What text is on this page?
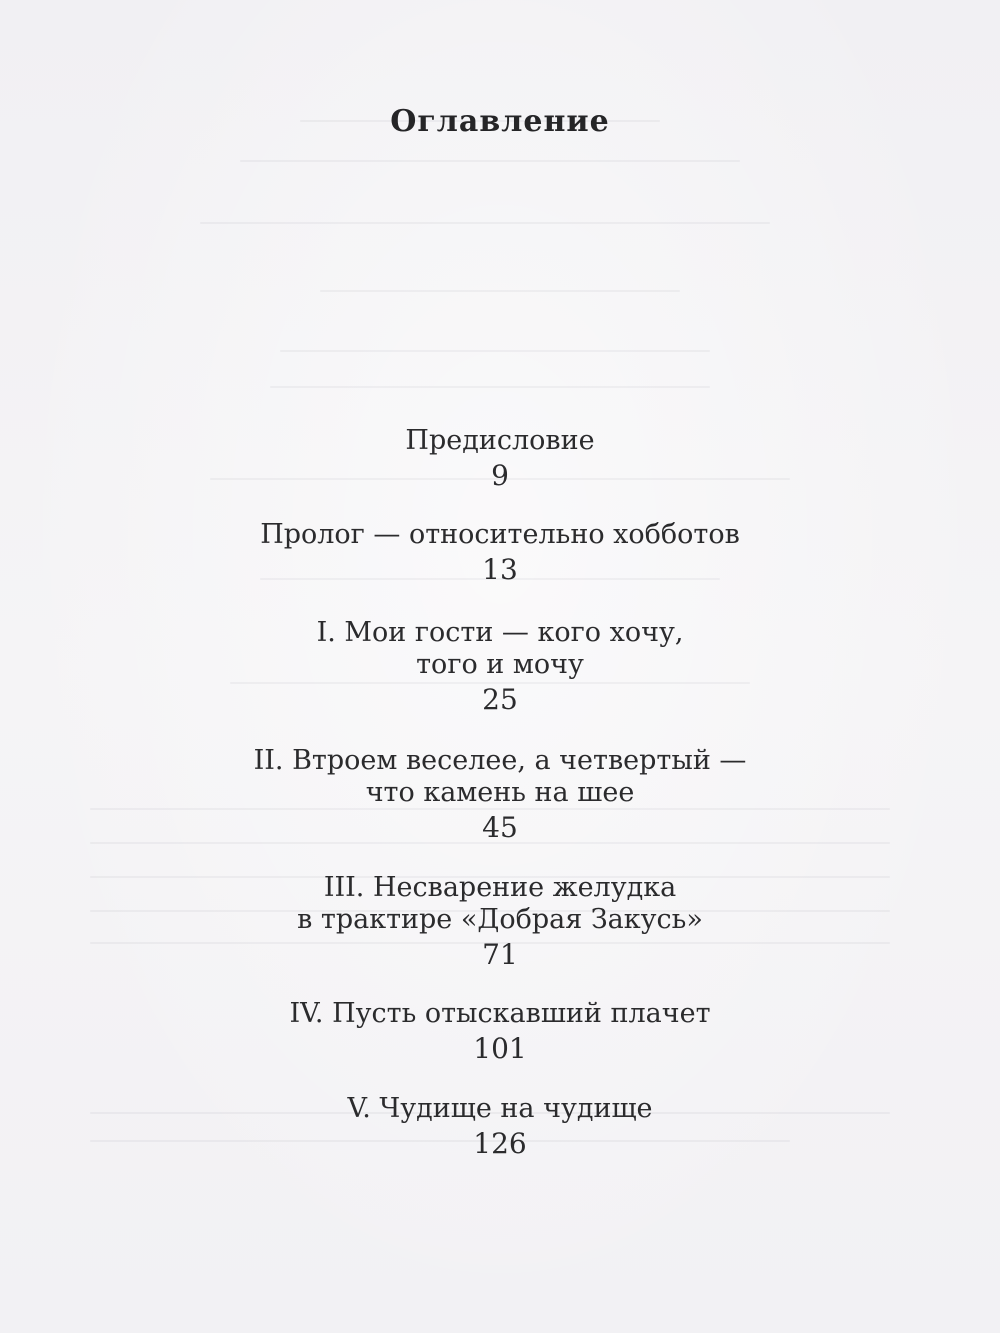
Оглавление
Предисловие
9
Пролог — относительно хобботов
13
I. Мои гости — кого хочу,
того и мочу
25
II. Втроем веселее, а четвертый —
что камень на шее
45
III. Несварение желудка
в трактире «Добрая Закусь»
71
IV. Пусть отыскавший плачет
101
V. Чудище на чудище
126
